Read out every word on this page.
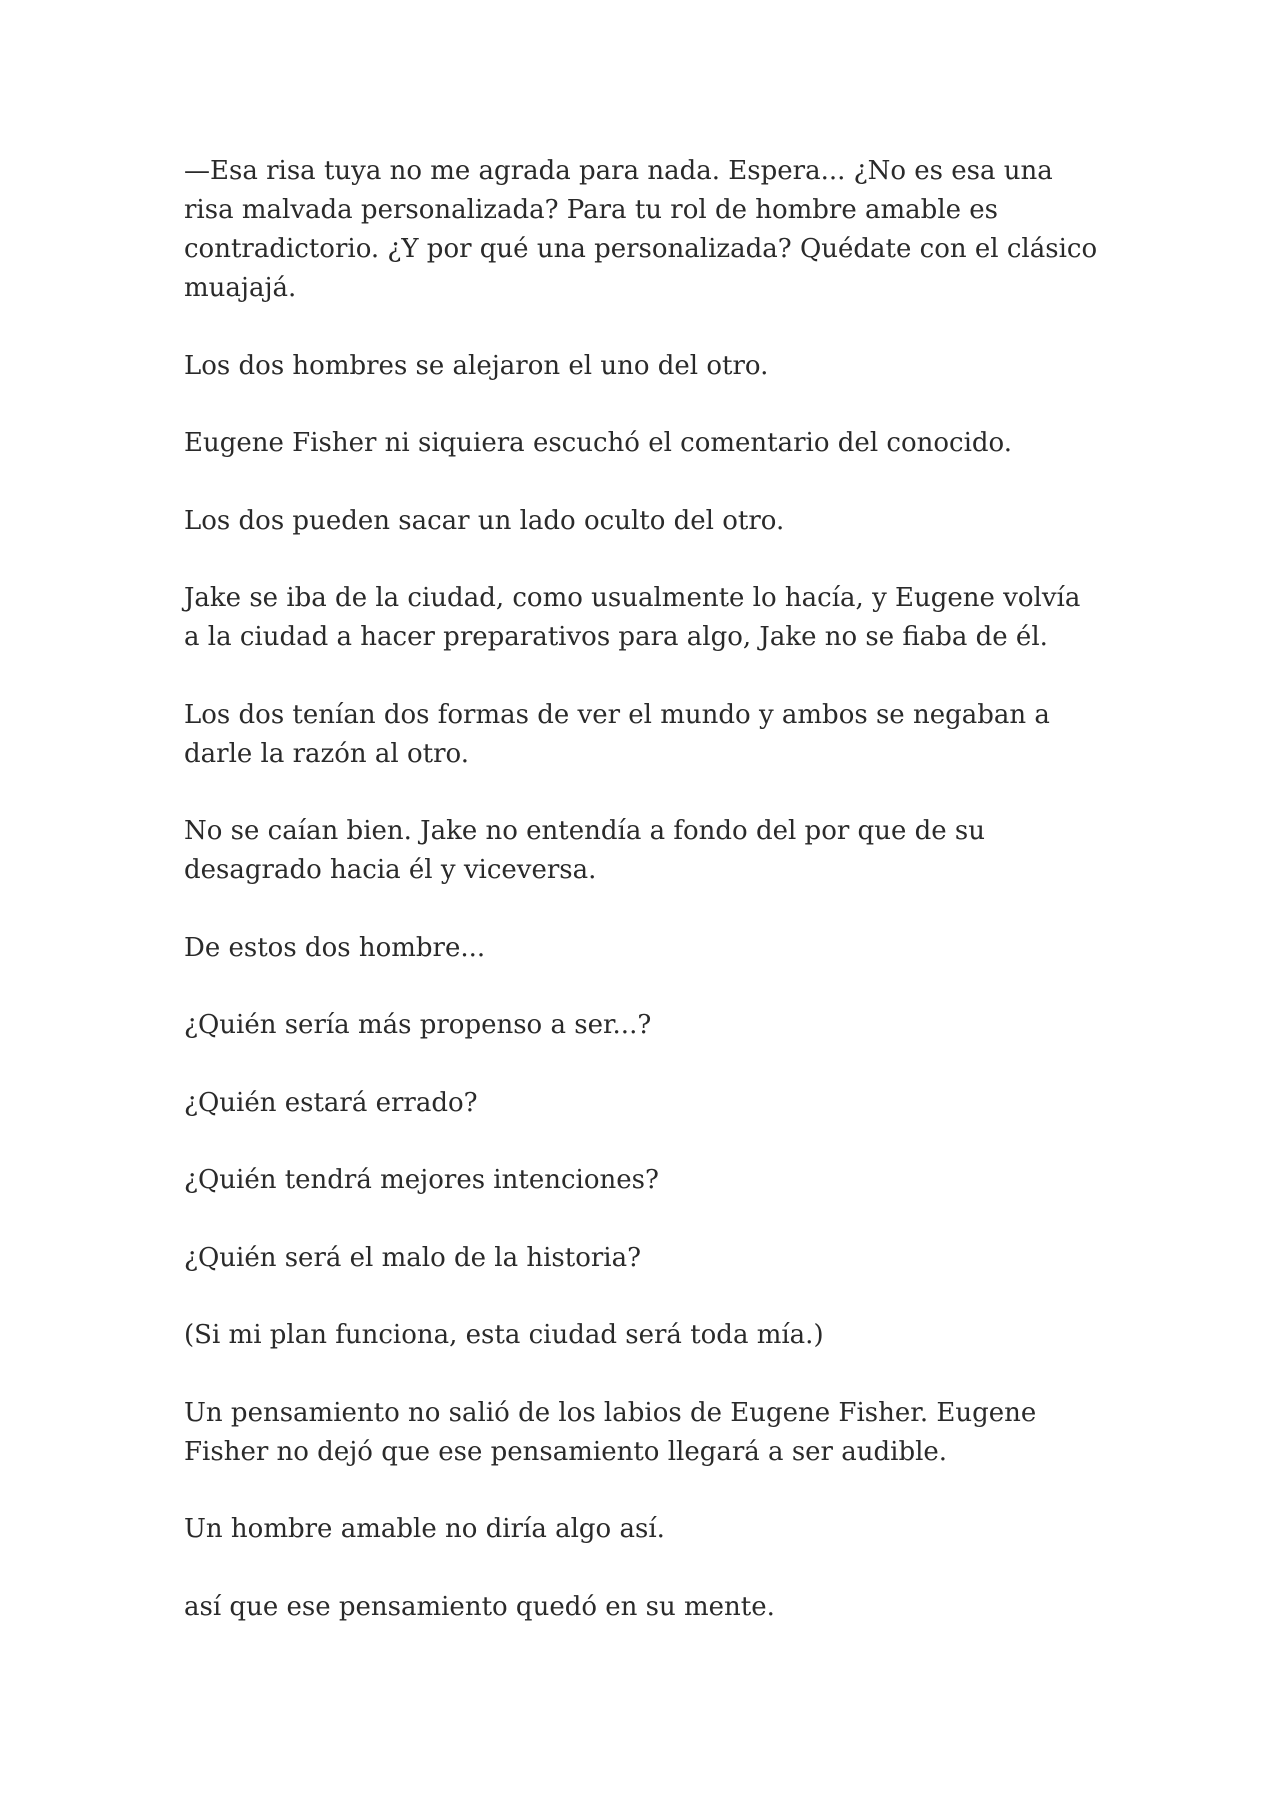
—Esa risa tuya no me agrada para nada. Espera... ¿No es esa una risa malvada personalizada? Para tu rol de hombre amable es contradictorio. ¿Y por qué una personalizada? Quédate con el clásico muajajá.

Los dos hombres se alejaron el uno del otro.

Eugene Fisher ni siquiera escuchó el comentario del conocido.

Los dos pueden sacar un lado oculto del otro.

Jake se iba de la ciudad, como usualmente lo hacía, y Eugene volvía a la ciudad a hacer preparativos para algo, Jake no se fiaba de él.

Los dos tenían dos formas de ver el mundo y ambos se negaban a darle la razón al otro.

No se caían bien. Jake no entendía a fondo del por que de su desagrado hacia él y viceversa.

De estos dos hombre...

¿Quién sería más propenso a ser...?

¿Quién estará errado?

¿Quién tendrá mejores intenciones?

¿Quién será el malo de la historia?

(Si mi plan funciona, esta ciudad será toda mía.)

Un pensamiento no salió de los labios de Eugene Fisher. Eugene Fisher no dejó que ese pensamiento llegará a ser audible.

Un hombre amable no diría algo así.

así que ese pensamiento quedó en su mente.
